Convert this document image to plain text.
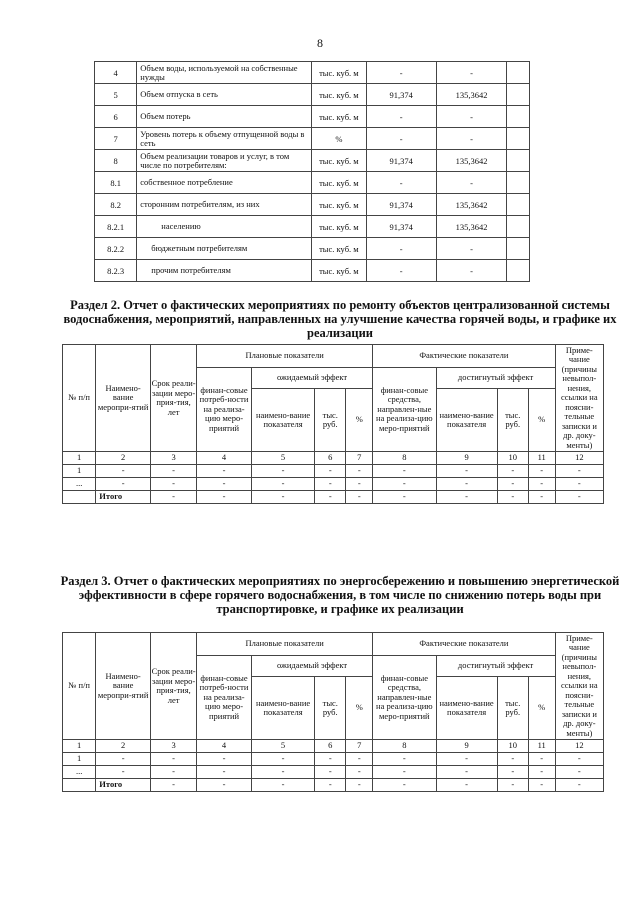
8
4	Объем воды, используемой на собственные нужды	тыс. куб. м	-	-	
5	Объем отпуска в сеть	тыс. куб. м	91,374	135,3642	
6	Объем потерь	тыс. куб. м	-	-	
7	Уровень потерь к объему отпущенной воды в сеть	%	-	-	
8	Объем реализации товаров и услуг, в том числе по потребителям:	тыс. куб. м	91,374	135,3642	
8.1	собственное потребление	тыс. куб. м	-	-	
8.2	сторонним потребителям, из них	тыс. куб. м	91,374	135,3642	
8.2.1	населению	тыс. куб. м	91,374	135,3642	
8.2.2	бюджетным потребителям	тыс. куб. м	-	-	
8.2.3	прочим потребителям	тыс. куб. м	-	-	
Раздел 2. Отчет о фактических мероприятиях по ремонту объектов централизованной системы водоснабжения, мероприятий, направленных на улучшение качества горячей воды, и графике их реализации
№ п/п	Наимено-вание меропри-ятий	Срок реали-зации меро-прия-тия, лет	Плановые показатели				Фактические показатели				Приме-чание (причины невыпол-нения, ссылки на поясни-тельные записки и др. доку-менты)
			финан-совые потреб-ности на реализа-цию меро-приятий	ожидаемый эффект			финан-совые средства, направлен-ные на реализа-цию меро-приятий	достигнутый эффект			
				наимено-вание показателя	тыс. руб.	%		наимено-вание показателя	тыс. руб.	%	
1	2	3	4	5	6	7	8	9	10	11	12
1	-	-	-	-	-	-	-	-	-	-	-
...	-	-	-	-	-	-	-	-	-	-	-
	Итого	-	-	-	-	-	-	-	-	-	-
Раздел 3. Отчет о фактических мероприятиях по энергосбережению и повышению энергетической эффективности в сфере горячего водоснабжения, в том числе по снижению потерь воды при транспортировке, и графике их реализации
№ п/п	Наимено-вание меропри-ятий	Срок реали-зации меро-прия-тия, лет	Плановые показатели				Фактические показатели				Приме-чание (причины невыпол-нения, ссылки на поясни-тельные записки и др. доку-менты)
			финан-совые потреб-ности на реализа-цию меро-приятий	ожидаемый эффект			финан-совые средства, направлен-ные на реализа-цию меро-приятий	достигнутый эффект			
				наимено-вание показателя	тыс. руб.	%		наимено-вание показателя	тыс. руб.	%	
1	2	3	4	5	6	7	8	9	10	11	12
1	-	-	-	-	-	-	-	-	-	-	-
...	-	-	-	-	-	-	-	-	-	-	-
	Итого	-	-	-	-	-	-	-	-	-	-
